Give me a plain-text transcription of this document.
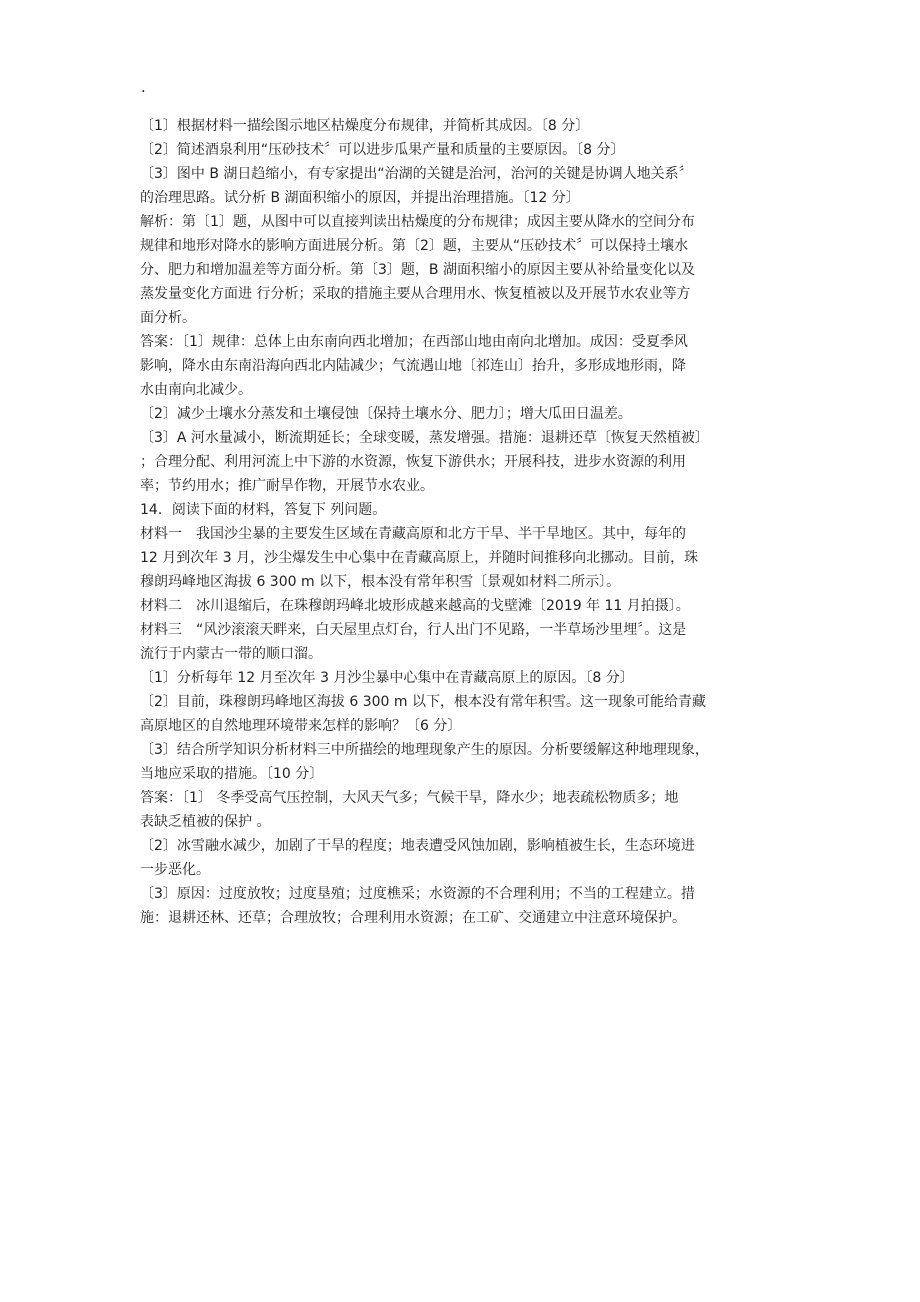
.
〔1〕根据材料一描绘图示地区枯燥度分布规律，并简析其成因。〔8 分〕
〔2〕简述酒泉利用“压砂技术〞可以进步瓜果产量和质量的主要原因。〔8 分〕
〔3〕图中 B 湖日趋缩小，有专家提出“治湖的关键是治河，治河的关键是协调人地关系〞
的治理思路。试分析 B 湖面积缩小的原因，并提出治理措施。〔12 分〕
解析：第〔1〕题，从图中可以直接判读出枯燥度的分布规律；成因主要从降水的空间分布
规律和地形对降水的影响方面进展分析。第〔2〕题，主要从“压砂技术〞可以保持土壤水
分、肥力和增加温差等方面分析。第〔3〕题，B 湖面积缩小的原因主要从补给量变化以及
蒸发量变化方面进 行分析；采取的措施主要从合理用水、恢复植被以及开展节水农业等方
面分析。
答案：〔1〕规律：总体上由东南向西北增加；在西部山地由南向北增加。成因：受夏季风
影响，降水由东南沿海向西北内陆减少；气流遇山地〔祁连山〕抬升，多形成地形雨，降
水由南向北减少。
〔2〕减少土壤水分蒸发和土壤侵蚀〔保持土壤水分、肥力〕；增大瓜田日温差。
〔3〕A 河水量减小，断流期延长；全球变暖，蒸发增强。措施：退耕还草〔恢复天然植被〕
；合理分配、利用河流上中下游的水资源，恢复下游供水；开展科技，进步水资源的利用
率；节约用水；推广耐旱作物，开展节水农业。
14．阅读下面的材料，答复下 列问题。
材料一　我国沙尘暴的主要发生区域在青藏高原和北方干旱、半干旱地区。其中，每年的
12 月到次年 3 月，沙尘爆发生中心集中在青藏高原上，并随时间推移向北挪动。目前，珠
穆朗玛峰地区海拔 6 300 m 以下，根本没有常年积雪〔景观如材料二所示〕。
材料二　冰川退缩后，在珠穆朗玛峰北坡形成越来越高的戈壁滩〔2019 年 11 月拍摄〕。
材料三　“风沙滚滚天畔来，白天屋里点灯台，行人出门不见路，一半草场沙里埋〞。这是
流行于内蒙古一带的顺口溜。
〔1〕分析每年 12 月至次年 3 月沙尘暴中心集中在青藏高原上的原因。〔8 分〕
〔2〕目前，珠穆朗玛峰地区海拔 6 300 m 以下，根本没有常年积雪。这一现象可能给青藏
高原地区的自然地理环境带来怎样的影响？〔6 分〕
〔3〕结合所学知识分析材料三中所描绘的地理现象产生的原因。分析要缓解这种地理现象，
当地应采取的措施。〔10 分〕
答案：〔1〕 冬季受高气压控制，大风天气多；气候干旱，降水少；地表疏松物质多；地
表缺乏植被的保护 。
〔2〕冰雪融水减少，加剧了干旱的程度；地表遭受风蚀加剧，影响植被生长，生态环境进
一步恶化。
〔3〕原因：过度放牧；过度垦殖；过度樵采；水资源的不合理利用；不当的工程建立。措
施：退耕还林、还草；合理放牧；合理利用水资源；在工矿、交通建立中注意环境保护。
